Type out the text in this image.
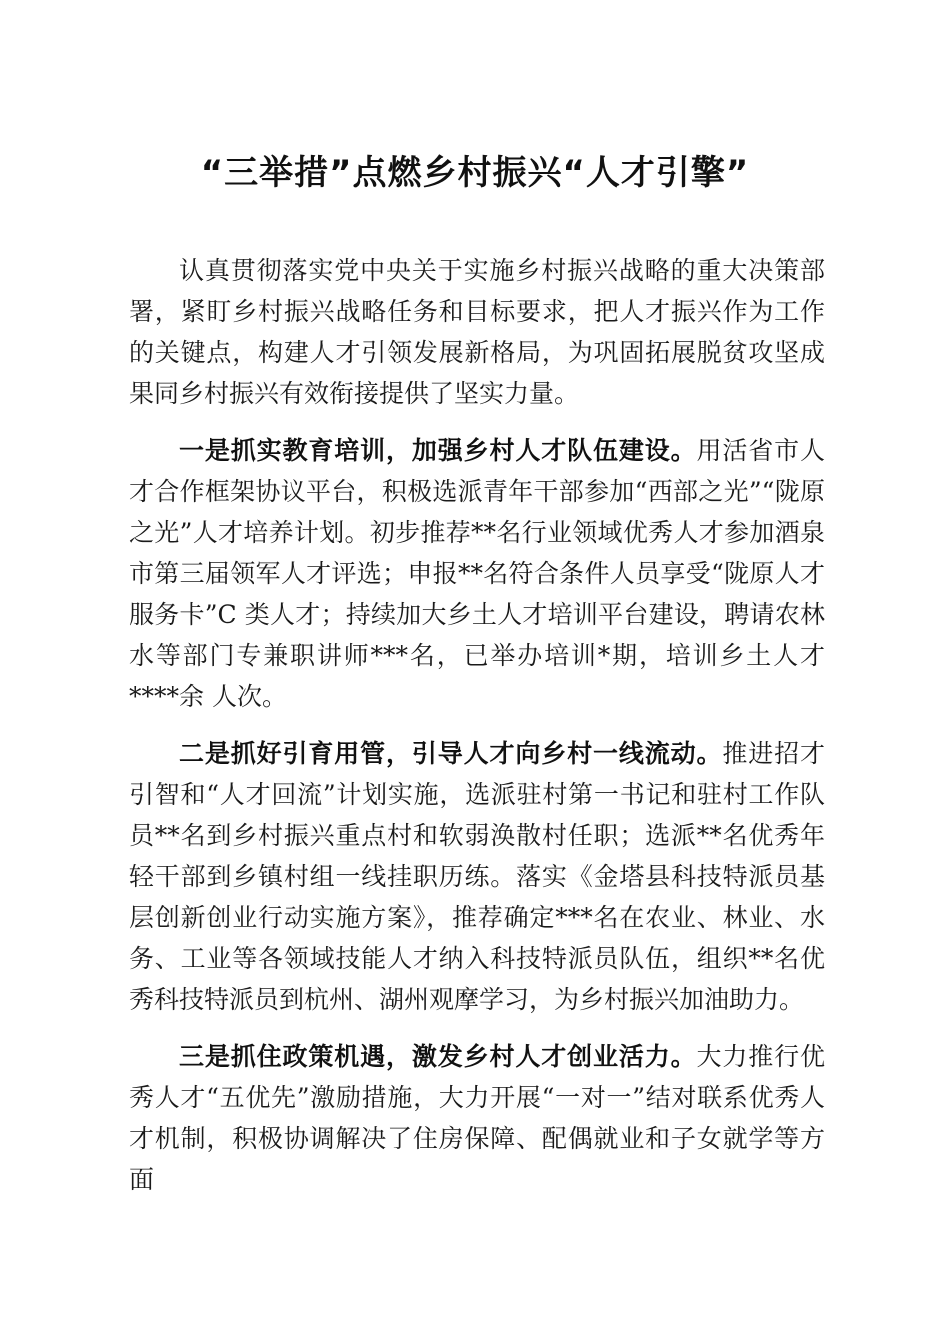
“三举措”点燃乡村振兴“人才引擎”

认真贯彻落实党中央关于实施乡村振兴战略的重大决策部署，紧盯乡村振兴战略任务和目标要求，把人才振兴作为工作的关键点，构建人才引领发展新格局，为巩固拓展脱贫攻坚成果同乡村振兴有效衔接提供了坚实力量。

一是抓实教育培训，加强乡村人才队伍建设。用活省市人才合作框架协议平台，积极选派青年干部参加“西部之光”“陇原之光”人才培养计划。初步推荐**名行业领域优秀人才参加酒泉市第三届领军人才评选；申报**名符合条件人员享受“陇原人才服务卡”C 类人才；持续加大乡土人才培训平台建设，聘请农林水等部门专兼职讲师***名，已举办培训*期，培训乡土人才****余 人次。

二是抓好引育用管，引导人才向乡村一线流动。推进招才引智和“人才回流”计划实施，选派驻村第一书记和驻村工作队员**名到乡村振兴重点村和软弱涣散村任职；选派**名优秀年轻干部到乡镇村组一线挂职历练。落实《金塔县科技特派员基层创新创业行动实施方案》，推荐确定***名在农业、林业、水务、工业等各领域技能人才纳入科技特派员队伍，组织**名优秀科技特派员到杭州、湖州观摩学习，为乡村振兴加油助力。

三是抓住政策机遇，激发乡村人才创业活力。大力推行优秀人才“五优先”激励措施，大力开展“一对一”结对联系优秀人才机制，积极协调解决了住房保障、配偶就业和子女就学等方面
